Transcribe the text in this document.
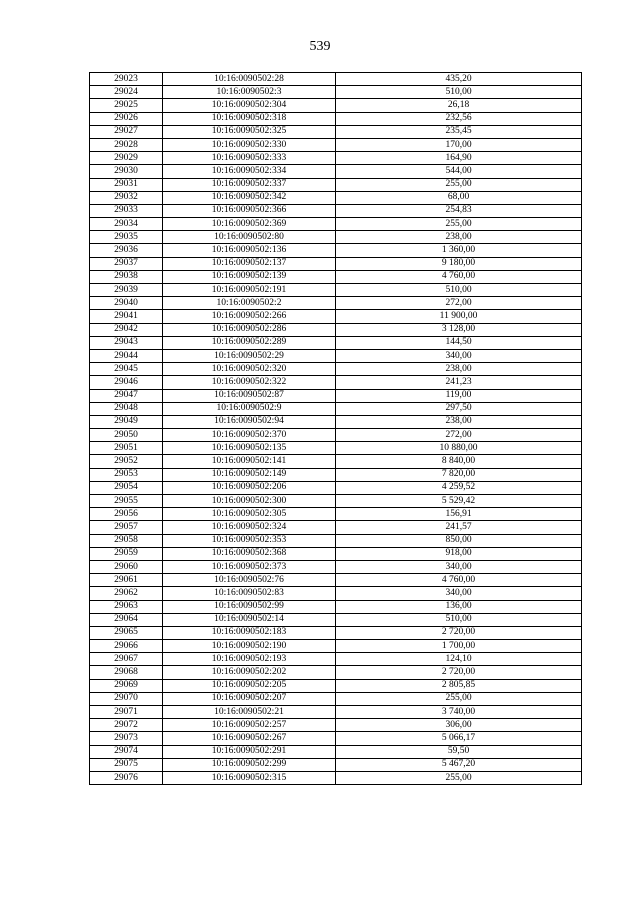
539
29023	10:16:0090502:28	435,20
29024	10:16:0090502:3	510,00
29025	10:16:0090502:304	26,18
29026	10:16:0090502:318	232,56
29027	10:16:0090502:325	235,45
29028	10:16:0090502:330	170,00
29029	10:16:0090502:333	164,90
29030	10:16:0090502:334	544,00
29031	10:16:0090502:337	255,00
29032	10:16:0090502:342	68,00
29033	10:16:0090502:366	254,83
29034	10:16:0090502:369	255,00
29035	10:16:0090502:80	238,00
29036	10:16:0090502:136	1 360,00
29037	10:16:0090502:137	9 180,00
29038	10:16:0090502:139	4 760,00
29039	10:16:0090502:191	510,00
29040	10:16:0090502:2	272,00
29041	10:16:0090502:266	11 900,00
29042	10:16:0090502:286	3 128,00
29043	10:16:0090502:289	144,50
29044	10:16:0090502:29	340,00
29045	10:16:0090502:320	238,00
29046	10:16:0090502:322	241,23
29047	10:16:0090502:87	119,00
29048	10:16:0090502:9	297,50
29049	10:16:0090502:94	238,00
29050	10:16:0090502:370	272,00
29051	10:16:0090502:135	10 880,00
29052	10:16:0090502:141	8 840,00
29053	10:16:0090502:149	7 820,00
29054	10:16:0090502:206	4 259,52
29055	10:16:0090502:300	5 529,42
29056	10:16:0090502:305	156,91
29057	10:16:0090502:324	241,57
29058	10:16:0090502:353	850,00
29059	10:16:0090502:368	918,00
29060	10:16:0090502:373	340,00
29061	10:16:0090502:76	4 760,00
29062	10:16:0090502:83	340,00
29063	10:16:0090502:99	136,00
29064	10:16:0090502:14	510,00
29065	10:16:0090502:183	2 720,00
29066	10:16:0090502:190	1 700,00
29067	10:16:0090502:193	124,10
29068	10:16:0090502:202	2 720,00
29069	10:16:0090502:205	2 805,85
29070	10:16:0090502:207	255,00
29071	10:16:0090502:21	3 740,00
29072	10:16:0090502:257	306,00
29073	10:16:0090502:267	5 066,17
29074	10:16:0090502:291	59,50
29075	10:16:0090502:299	5 467,20
29076	10:16:0090502:315	255,00
